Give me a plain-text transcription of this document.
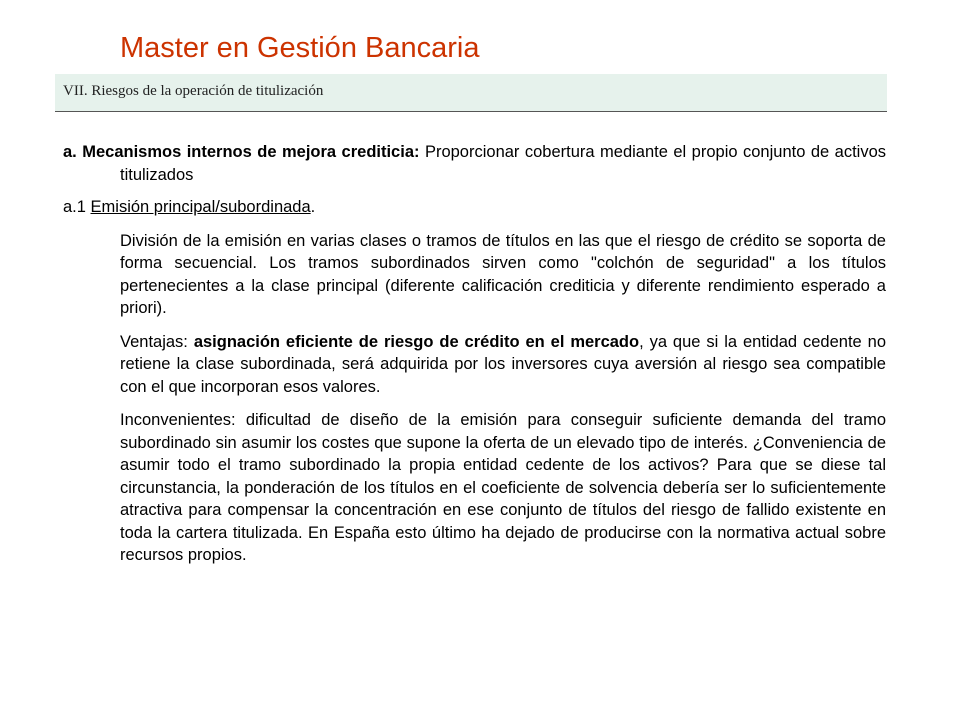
Master en Gestión Bancaria
VII. Riesgos de la operación de titulización

a. Mecanismos internos de mejora crediticia: Proporcionar cobertura mediante el propio conjunto de activos titulizados

a.1 Emisión principal/subordinada.

División de la emisión en varias clases o tramos de títulos en las que el riesgo de crédito se soporta de forma secuencial. Los tramos subordinados sirven como "colchón de seguridad" a los títulos pertenecientes a la clase principal (diferente calificación crediticia y diferente rendimiento esperado a priori).

Ventajas: asignación eficiente de riesgo de crédito en el mercado, ya que si la entidad cedente no retiene la clase subordinada, será adquirida por los inversores cuya aversión al riesgo sea compatible con el que incorporan esos valores.

Inconvenientes: dificultad de diseño de la emisión para conseguir suficiente demanda del tramo subordinado sin asumir los costes que supone la oferta de un elevado tipo de interés. ¿Conveniencia de asumir todo el tramo subordinado la propia entidad cedente de los activos? Para que se diese tal circunstancia, la ponderación de los títulos en el coeficiente de solvencia debería ser lo suficientemente atractiva para compensar la concentración en ese conjunto de títulos del riesgo de fallido existente en toda la cartera titulizada. En España esto último ha dejado de producirse con la normativa actual sobre recursos propios.
